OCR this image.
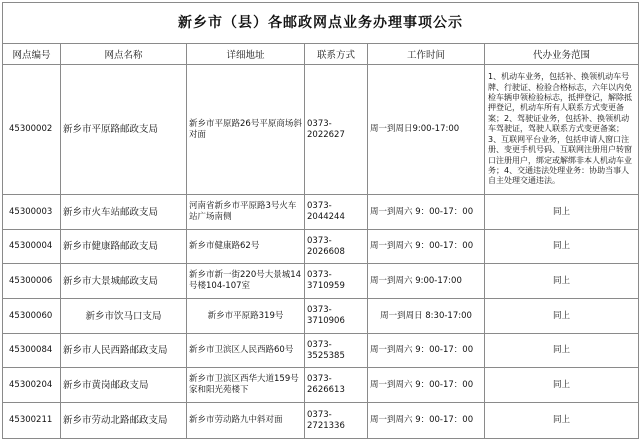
新乡市（县）各邮政网点业务办理事项公示					
网点编号	网点名称	详细地址	联系方式	工作时间	代办业务范围
45300002	新乡市平原路邮政支局	新乡市平原路26号平原商场斜对面	0373-2022627	周一到周日9:00-17:00	1、机动车业务，包括补、换领机动车号牌、行驶证、检验合格标志，六年以内免检车辆申领检验标志，抵押登记，解除抵押登记，机动车所有人联系方式变更备案；2、驾驶证业务，包括补、换领机动车驾驶证，驾驶人联系方式变更备案；3、互联网平台业务，包括申请人窗口注册、变更手机号码、互联网注册用户转窗口注册用户，绑定或解绑非本人机动车业务；4、交通违法处理业务：协助当事人自主处理交通违法。
45300003	新乡市火车站邮政支局	河南省新乡市平原路3号火车站广场南侧	0373-2044244	周一到周六 9：00-17：00	同上
45300004	新乡市健康路邮政支局	新乡市健康路62号	0373-2026608	周一到周六 9：00-17：00	同上
45300006	新乡市大景城邮政支局	新乡市新一街220号大景城14号楼104-107室	0373-3710959	周一到周六 9:00-17:00	同上
45300060	新乡市饮马口支局	新乡市平原路319号	0373-3710906	周一到周日 8:30-17:00	同上
45300084	新乡市人民西路邮政支局	新乡市卫滨区人民西路60号	0373-3525385	周一到周六 9：00-17：00	同上
45300204	新乡市黄岗邮政支局	新乡市卫滨区西华大道159号家和阳光苑楼下	0373-2626613	周一到周六 9：00-17：00	同上
45300211	新乡市劳动北路邮政支局	新乡市劳动路九中斜对面	0373-2721336	周一到周六 9：00-17：00	同上
